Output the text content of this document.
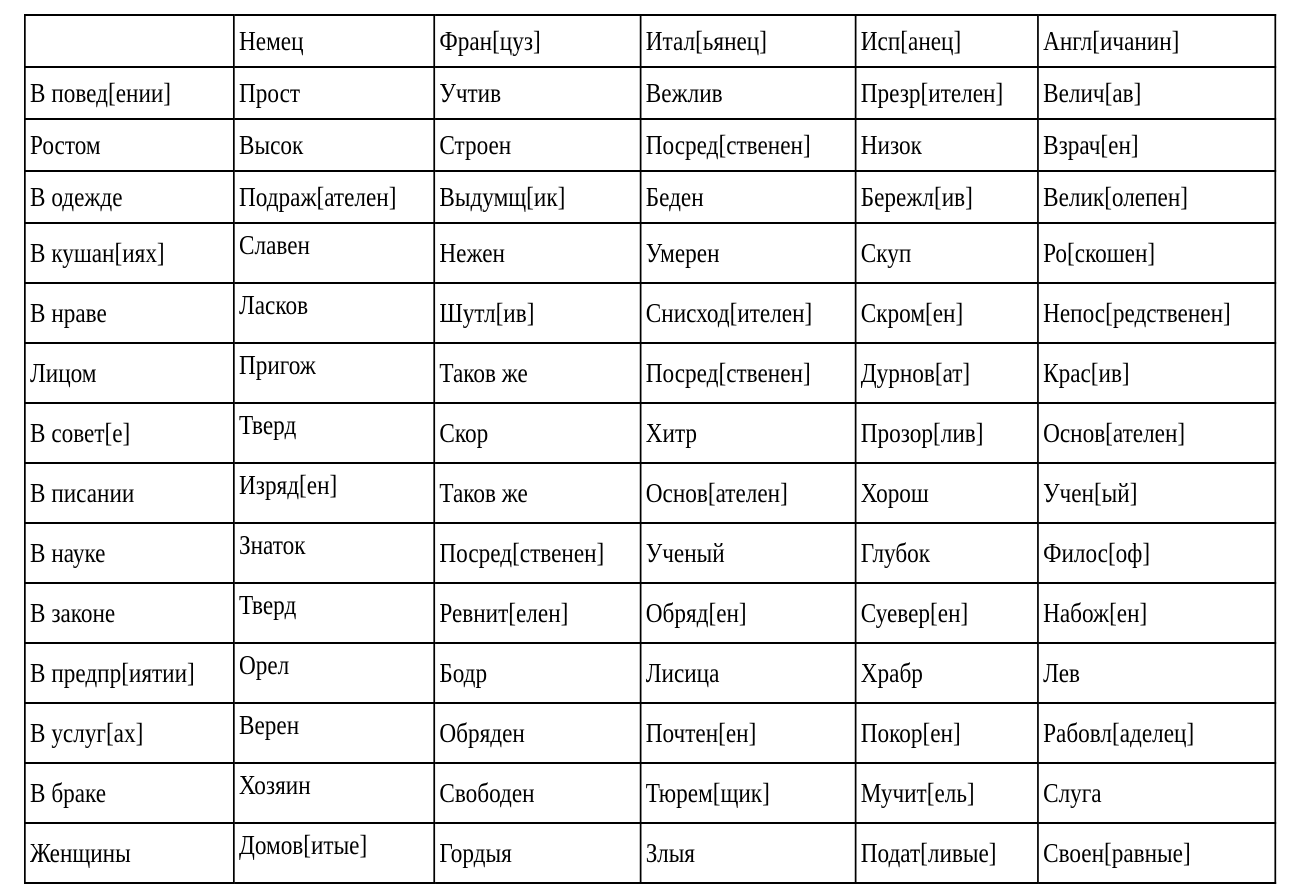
	Немец	Фран[цуз]	Итал[ьянец]	Исп[анец]	Англ[ичанин]
В повед[ении]	Прост	Учтив	Вежлив	Презр[ителен]	Велич[ав]
Ростом	Высок	Строен	Посред[ственен]	Низок	Взрач[ен]
В одежде	Подраж[ателен]	Выдумщ[ик]	Беден	Бережл[ив]	Велик[олепен]
В кушан[иях]	Славен	Нежен	Умерен	Скуп	Ро[скошен]
В нраве	Ласков	Шутл[ив]	Снисход[ителен]	Скром[ен]	Непос[редственен]
Лицом	Пригож	Таков же	Посред[ственен]	Дурнов[ат]	Крас[ив]
В совет[е]	Тверд	Скор	Хитр	Прозор[лив]	Основ[ателен]
В писании	Изряд[ен]	Таков же	Основ[ателен]	Хорош	Учен[ый]
В науке	Знаток	Посред[ственен]	Ученый	Глубок	Филос[оф]
В законе	Тверд	Ревнит[елен]	Обряд[ен]	Суевер[ен]	Набож[ен]
В предпр[иятии]	Орел	Бодр	Лисица	Храбр	Лев
В услуг[ах]	Верен	Обряден	Почтен[ен]	Покор[ен]	Рабовл[аделец]
В браке	Хозяин	Свободен	Тюрем[щик]	Мучит[ель]	Слуга
Женщины	Домов[итые]	Гордыя	Злыя	Подат[ливые]	Своен[равные]
